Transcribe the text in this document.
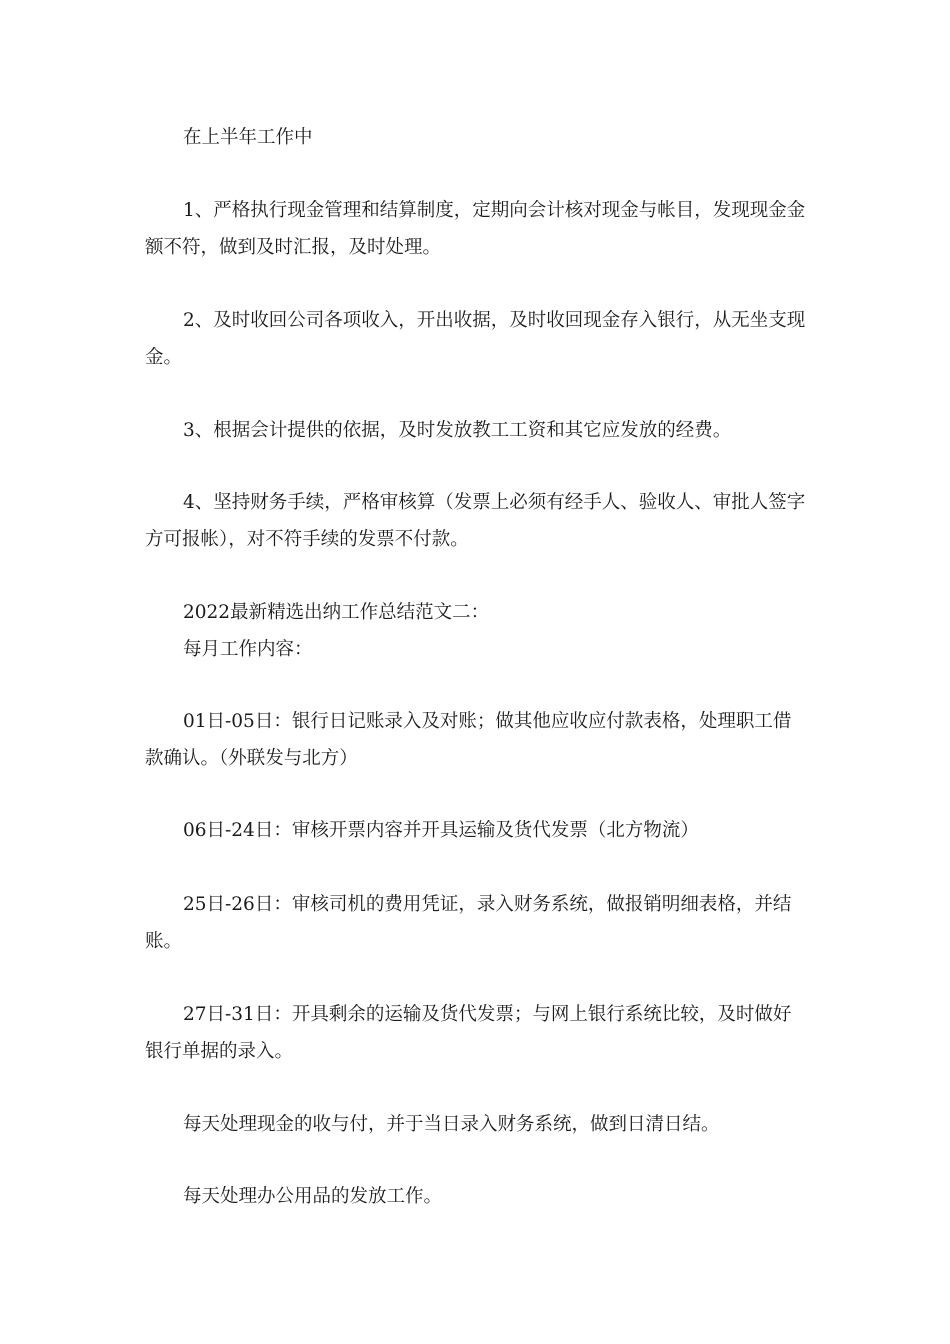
在上半年工作中

1、严格执行现金管理和结算制度，定期向会计核对现金与帐目，发现现金金额不符，做到及时汇报，及时处理。

2、及时收回公司各项收入，开出收据，及时收回现金存入银行，从无坐支现金。

3、根据会计提供的依据，及时发放教工工资和其它应发放的经费。

4、坚持财务手续，严格审核算（发票上必须有经手人、验收人、审批人签字方可报帐），对不符手续的发票不付款。

2022最新精选出纳工作总结范文二：

每月工作内容：

01日-05日：银行日记账录入及对账；做其他应收应付款表格，处理职工借款确认。（外联发与北方）

06日-24日：审核开票内容并开具运输及货代发票（北方物流）

25日-26日：审核司机的费用凭证，录入财务系统，做报销明细表格，并结账。

27日-31日：开具剩余的运输及货代发票；与网上银行系统比较，及时做好银行单据的录入。

每天处理现金的收与付，并于当日录入财务系统，做到日清日结。

每天处理办公用品的发放工作。
